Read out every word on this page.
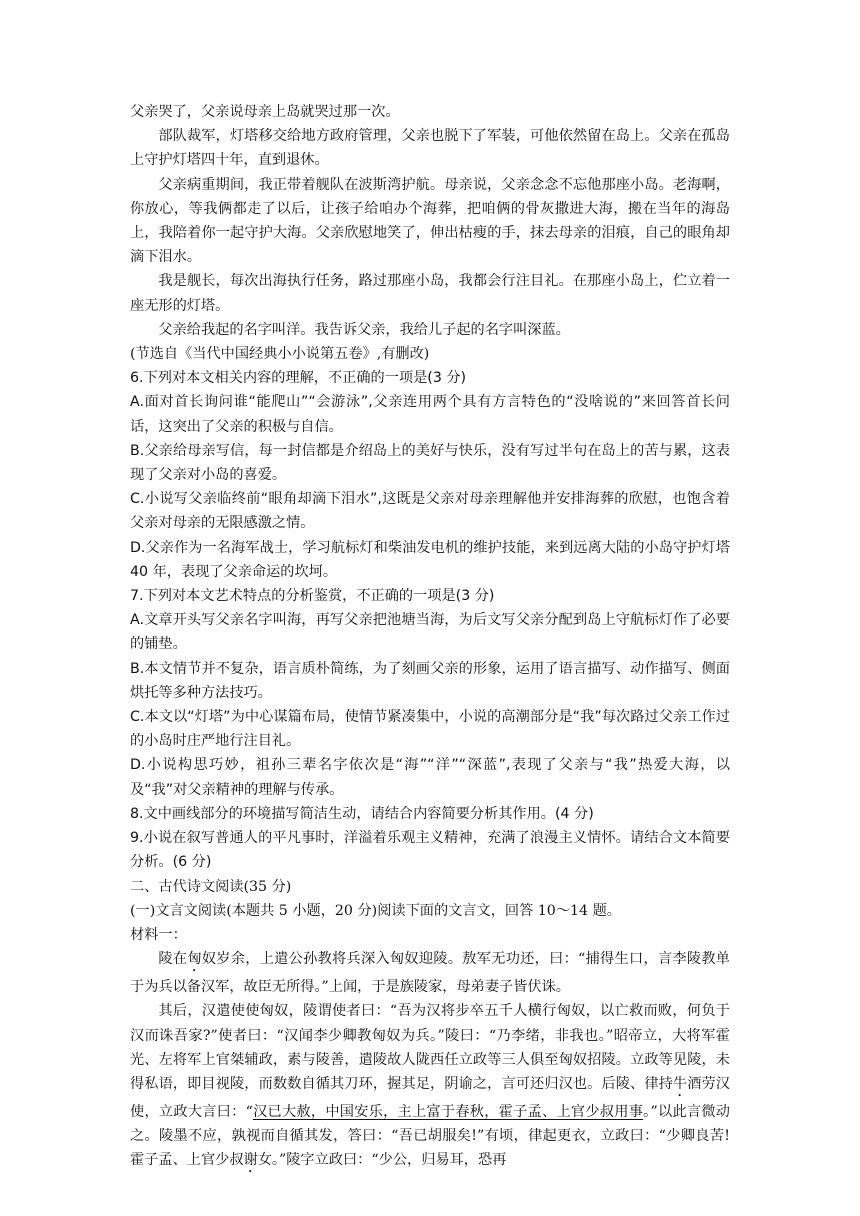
父亲哭了，父亲说母亲上岛就哭过那一次。

部队裁军，灯塔移交给地方政府管理，父亲也脱下了军装，可他依然留在岛上。父亲在孤岛上守护灯塔四十年，直到退休。

父亲病重期间，我正带着舰队在波斯湾护航。母亲说，父亲念念不忘他那座小岛。老海啊，你放心，等我俩都走了以后，让孩子给咱办个海葬，把咱俩的骨灰撒进大海，搬在当年的海岛上，我陪着你一起守护大海。父亲欣慰地笑了，伸出枯瘦的手，抹去母亲的泪痕，自己的眼角却滴下泪水。

我是舰长，每次出海执行任务，路过那座小岛，我都会行注目礼。在那座小岛上，伫立着一座无形的灯塔。

父亲给我起的名字叫洋。我告诉父亲，我给儿子起的名字叫深蓝。

(节选自《当代中国经典小小说第五卷》,有删改)

6.下列对本文相关内容的理解，不正确的一项是(3 分)

A.面对首长询问谁“能爬山”“会游泳”,父亲连用两个具有方言特色的“没啥说的”来回答首长问话，这突出了父亲的积极与自信。

B.父亲给母亲写信，每一封信都是介绍岛上的美好与快乐，没有写过半句在岛上的苦与累，这表现了父亲对小岛的喜爱。

C.小说写父亲临终前“眼角却滴下泪水”,这既是父亲对母亲理解他并安排海葬的欣慰，也饱含着父亲对母亲的无限感激之情。

D.父亲作为一名海军战士，学习航标灯和柴油发电机的维护技能，来到远离大陆的小岛守护灯塔 40 年，表现了父亲命运的坎坷。

7.下列对本文艺术特点的分析鉴赏，不正确的一项是(3 分)

A.文章开头写父亲名字叫海，再写父亲把池塘当海，为后文写父亲分配到岛上守航标灯作了必要的铺垫。

B.本文情节并不复杂，语言质朴简练，为了刻画父亲的形象，运用了语言描写、动作描写、侧面烘托等多种方法技巧。

C.本文以“灯塔”为中心谋篇布局，使情节紧凑集中，小说的高潮部分是“我”每次路过父亲工作过的小岛时庄严地行注目礼。

D.小说构思巧妙，祖孙三辈名字依次是“海”“洋”“深蓝”,表现了父亲与“我”热爱大海，以及“我”对父亲精神的理解与传承。

8.文中画线部分的环境描写简洁生动，请结合内容简要分析其作用。(4 分)

9.小说在叙写普通人的平凡事时，洋溢着乐观主义精神，充满了浪漫主义情怀。请结合文本简要分析。(6 分)

二、古代诗文阅读(35 分)

(一)文言文阅读(本题共 5 小题，20 分)阅读下面的文言文，回答 10～14 题。

材料一：

陵在匈奴岁余，上遣公孙教将兵深入匈奴迎陵。敖军无功还，曰：“捕得生口，言李陵教单于为兵以备汉军，故臣无所得。”上闻，于是族陵家，母弟妻子皆伏诛。

其后，汉遣使使匈奴，陵谓使者曰：“吾为汉将步卒五千人横行匈奴，以亡救而败，何负于汉而诛吾家?”使者曰：“汉闻李少卿教匈奴为兵。”陵曰：“乃李绪，非我也。”昭帝立，大将军霍光、左将军上官桀辅政，素与陵善，遣陵故人陇西任立政等三人俱至匈奴招陵。立政等见陵，未得私语，即目视陵，而数数自循其刀环，握其足，阴谕之，言可还归汉也。后陵、律持牛酒劳汉使，立政大言曰：“汉已大赦，中国安乐，主上富于春秋，霍子孟、上官少叔用事。”以此言微动之。陵墨不应，孰视而自循其发，答曰：“吾已胡服矣!”有顷，律起更衣，立政曰：“少卿良苦!霍子孟、上官少叔谢女。”陵字立政曰：“少公，归易耳，恐再
